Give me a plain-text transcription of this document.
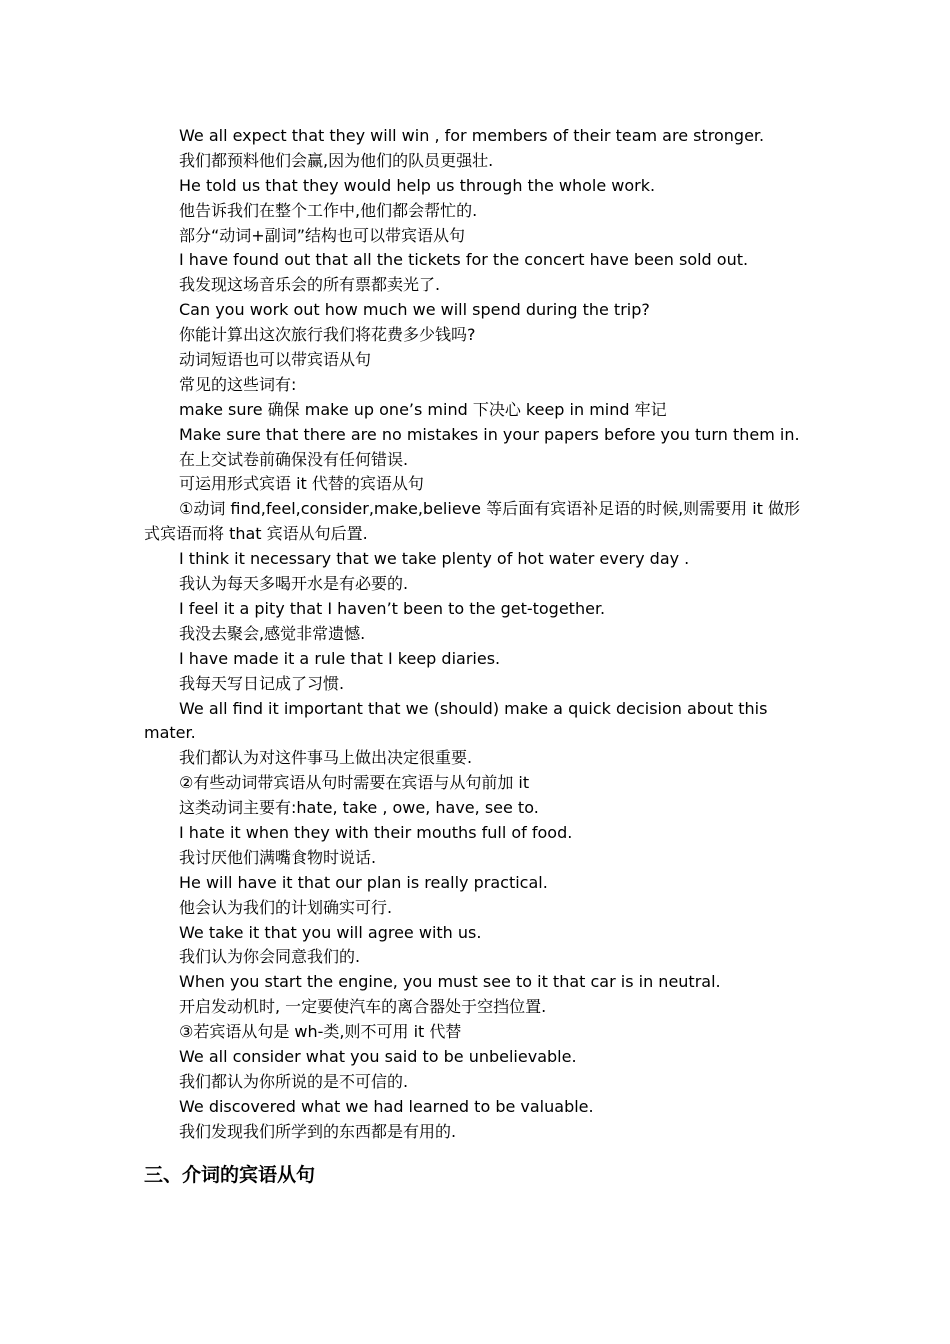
We all expect that they will win , for members of their team are stronger.
我们都预料他们会赢,因为他们的队员更强壮.
He told us that they would help us through the whole work.
他告诉我们在整个工作中,他们都会帮忙的.
部分“动词+副词”结构也可以带宾语从句
I have found out that all the tickets for the concert have been sold out.
我发现这场音乐会的所有票都卖光了.
Can you work out how much we will spend during the trip?
你能计算出这次旅行我们将花费多少钱吗?
动词短语也可以带宾语从句
常见的这些词有:
make sure 确保 make up one’s mind 下决心 keep in mind 牢记
Make sure that there are no mistakes in your papers before you turn them in.
在上交试卷前确保没有任何错误.
可运用形式宾语 it 代替的宾语从句
①动词 find,feel,consider,make,believe 等后面有宾语补足语的时候,则需要用 it 做形式宾语而将 that 宾语从句后置.
I think it necessary that we take plenty of hot water every day .
我认为每天多喝开水是有必要的.
I feel it a pity that I haven’t been to the get-together.
我没去聚会,感觉非常遗憾.
I have made it a rule that I keep diaries.
我每天写日记成了习惯.
We all find it important that we (should) make a quick decision about this mater.
我们都认为对这件事马上做出决定很重要.
②有些动词带宾语从句时需要在宾语与从句前加 it
这类动词主要有:hate, take , owe, have, see to.
I hate it when they with their mouths full of food.
我讨厌他们满嘴食物时说话.
He will have it that our plan is really practical.
他会认为我们的计划确实可行.
We take it that you will agree with us.
我们认为你会同意我们的.
When you start the engine, you must see to it that car is in neutral.
开启发动机时, 一定要使汽车的离合器处于空挡位置.
③若宾语从句是 wh-类,则不可用 it 代替
We all consider what you said to be unbelievable.
我们都认为你所说的是不可信的.
We discovered what we had learned to be valuable.
我们发现我们所学到的东西都是有用的.
三、介词的宾语从句
